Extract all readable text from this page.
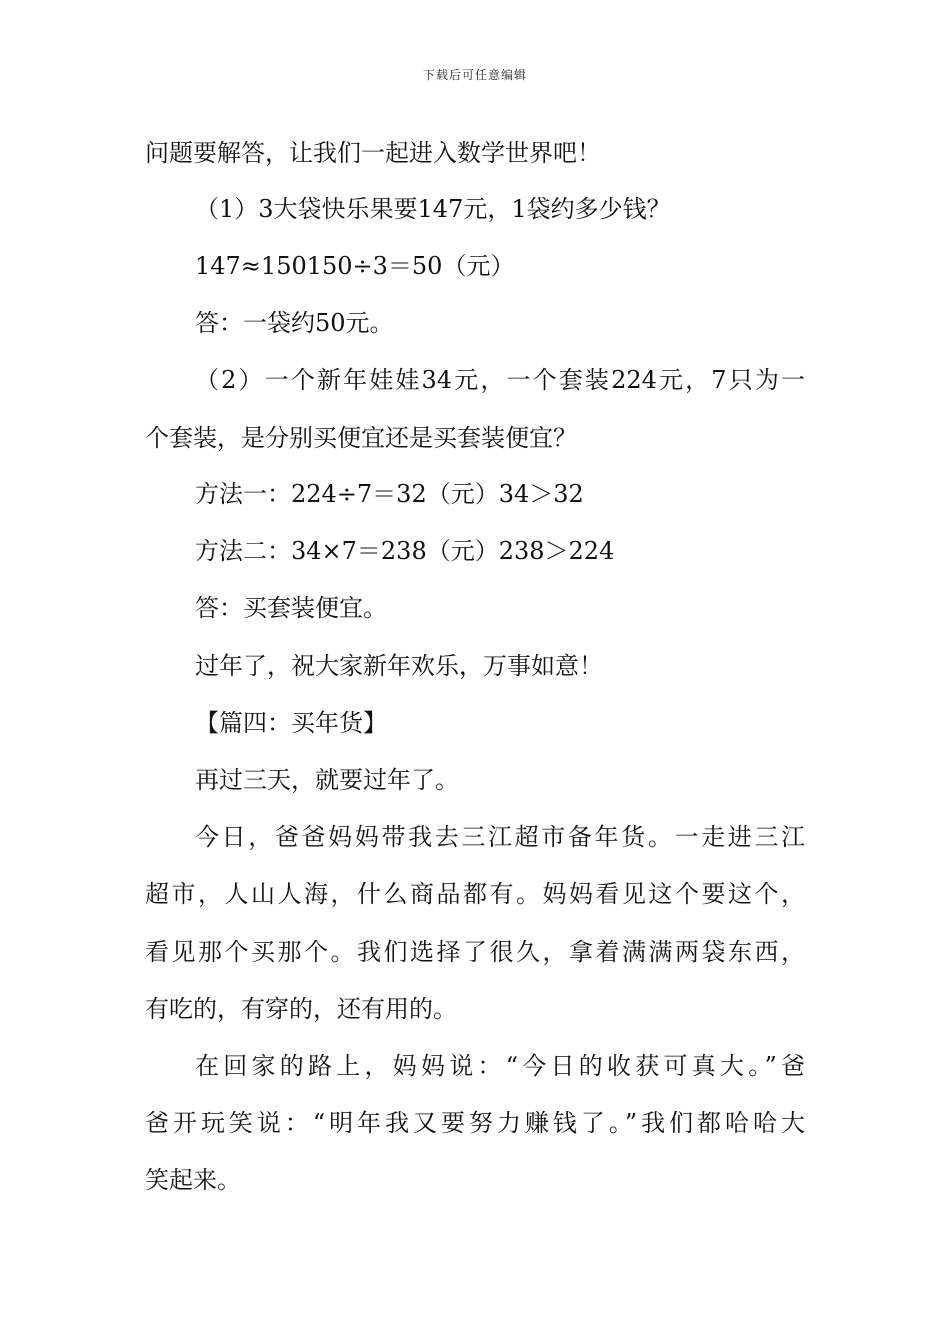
下载后可任意编辑
问题要解答，让我们一起进入数学世界吧！
（1）3大袋快乐果要147元，1袋约多少钱？
147≈150150÷3＝50（元）
答：一袋约50元。
（2）一个新年娃娃34元，一个套装224元，7只为一
个套装，是分别买便宜还是买套装便宜？
方法一：224÷7＝32（元）34＞32
方法二：34×7＝238（元）238＞224
答：买套装便宜。
过年了，祝大家新年欢乐，万事如意！
【篇四：买年货】
再过三天，就要过年了。
今日，爸爸妈妈带我去三江超市备年货。一走进三江
超市，人山人海，什么商品都有。妈妈看见这个要这个，
看见那个买那个。我们选择了很久，拿着满满两袋东西，
有吃的，有穿的，还有用的。
在回家的路上，妈妈说：“今日的收获可真大。”爸
爸开玩笑说：“明年我又要努力赚钱了。”我们都哈哈大
笑起来。
